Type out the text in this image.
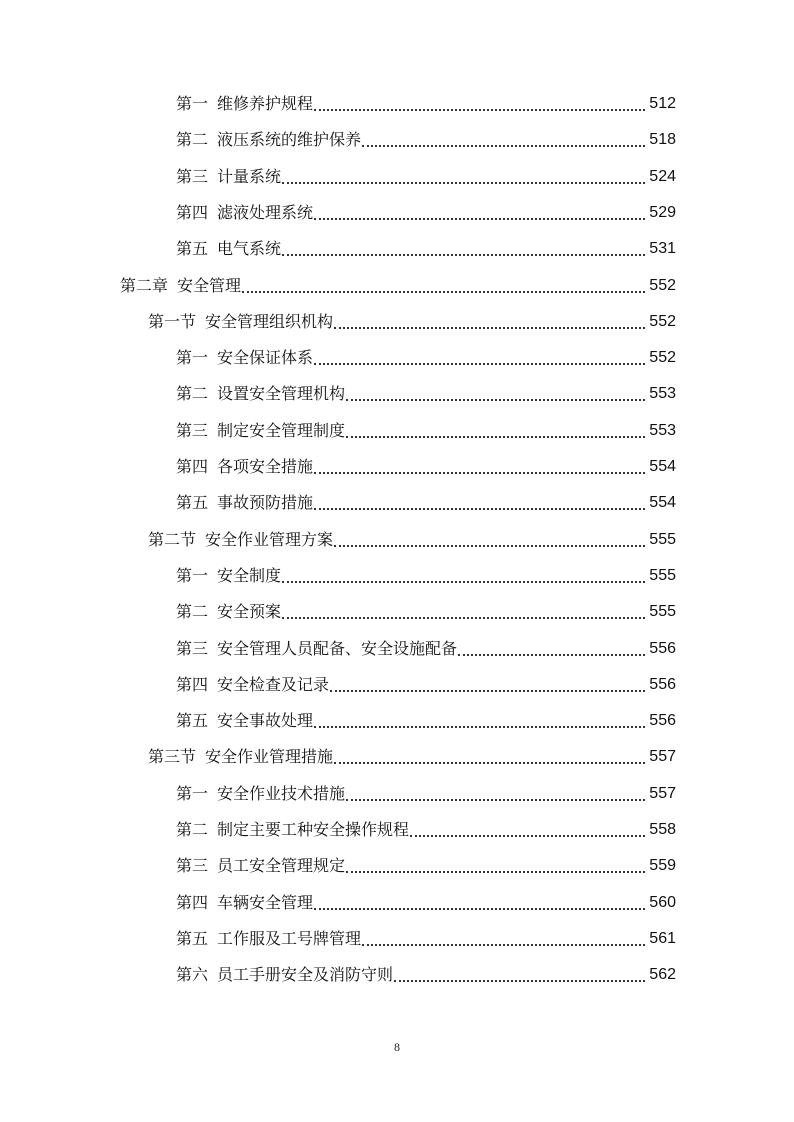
第一 维修养护规程	512
第二 液压系统的维护保养	518
第三 计量系统	524
第四 滤液处理系统	529
第五 电气系统	531
第二章 安全管理	552
第一节 安全管理组织机构	552
第一 安全保证体系	552
第二 设置安全管理机构	553
第三 制定安全管理制度	553
第四 各项安全措施	554
第五 事故预防措施	554
第二节 安全作业管理方案	555
第一 安全制度	555
第二 安全预案	555
第三 安全管理人员配备、安全设施配备	556
第四 安全检查及记录	556
第五 安全事故处理	556
第三节 安全作业管理措施	557
第一 安全作业技术措施	557
第二 制定主要工种安全操作规程	558
第三 员工安全管理规定	559
第四 车辆安全管理	560
第五 工作服及工号牌管理	561
第六 员工手册安全及消防守则	562
8
